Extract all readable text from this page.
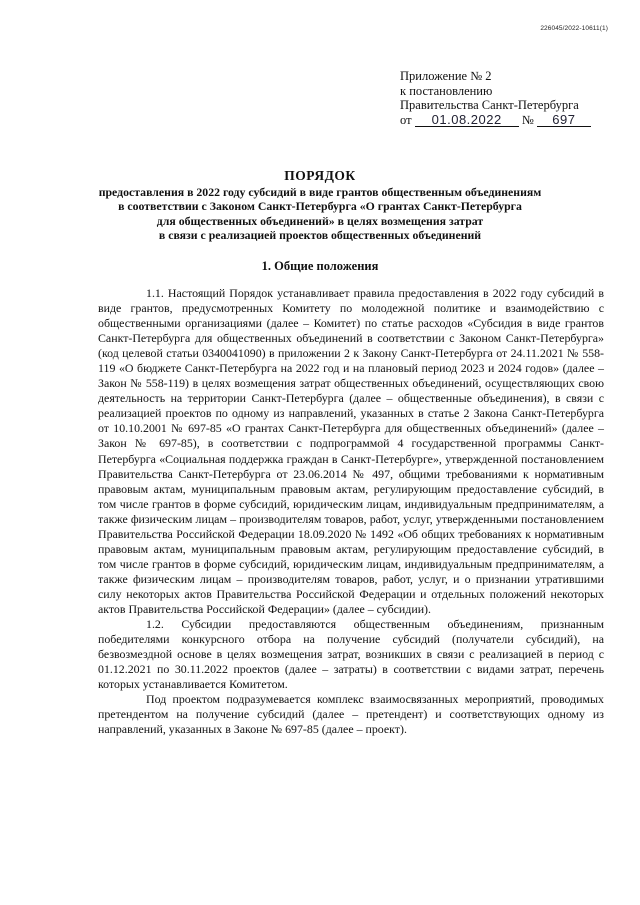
226045/2022-10611(1)
Приложение № 2
к постановлению
Правительства Санкт-Петербурга
от 01.08.2022 № 697
ПОРЯДОК
предоставления в 2022 году субсидий в виде грантов общественным объединениям
в соответствии с Законом Санкт-Петербурга «О грантах Санкт-Петербурга
для общественных объединений» в целях возмещения затрат
в связи с реализацией проектов общественных объединений
1. Общие положения

1.1. Настоящий Порядок устанавливает правила предоставления в 2022 году субсидий в виде грантов, предусмотренных Комитету по молодежной политике и взаимодействию с общественными организациями (далее – Комитет) по статье расходов «Субсидия в виде грантов Санкт-Петербурга для общественных объединений в соответствии с Законом Санкт-Петербурга» (код целевой статьи 0340041090) в приложении 2 к Закону Санкт-Петербурга от 24.11.2021 № 558-119 «О бюджете Санкт-Петербурга на 2022 год и на плановый период 2023 и 2024 годов» (далее – Закон № 558-119) в целях возмещения затрат общественных объединений, осуществляющих свою деятельность на территории Санкт-Петербурга (далее – общественные объединения), в связи с реализацией проектов по одному из направлений, указанных в статье 2 Закона Санкт-Петербурга от 10.10.2001 № 697-85 «О грантах Санкт-Петербурга для общественных объединений» (далее – Закон № 697-85), в соответствии с подпрограммой 4 государственной программы Санкт-Петербурга «Социальная поддержка граждан в Санкт-Петербурге», утвержденной постановлением Правительства Санкт-Петербурга от 23.06.2014 № 497, общими требованиями к нормативным правовым актам, муниципальным правовым актам, регулирующим предоставление субсидий, в том числе грантов в форме субсидий, юридическим лицам, индивидуальным предпринимателям, а также физическим лицам – производителям товаров, работ, услуг, утвержденными постановлением Правительства Российской Федерации 18.09.2020 № 1492 «Об общих требованиях к нормативным правовым актам, муниципальным правовым актам, регулирующим предоставление субсидий, в том числе грантов в форме субсидий, юридическим лицам, индивидуальным предпринимателям, а также физическим лицам – производителям товаров, работ, услуг, и о признании утратившими силу некоторых актов Правительства Российской Федерации и отдельных положений некоторых актов Правительства Российской Федерации» (далее – субсидии).

1.2. Субсидии предоставляются общественным объединениям, признанным победителями конкурсного отбора на получение субсидий (получатели субсидий), на безвозмездной основе в целях возмещения затрат, возникших в связи с реализацией в период с 01.12.2021 по 30.11.2022 проектов (далее – затраты) в соответствии с видами затрат, перечень которых устанавливается Комитетом.

Под проектом подразумевается комплекс взаимосвязанных мероприятий, проводимых претендентом на получение субсидий (далее – претендент) и соответствующих одному из направлений, указанных в Законе № 697-85 (далее – проект).
